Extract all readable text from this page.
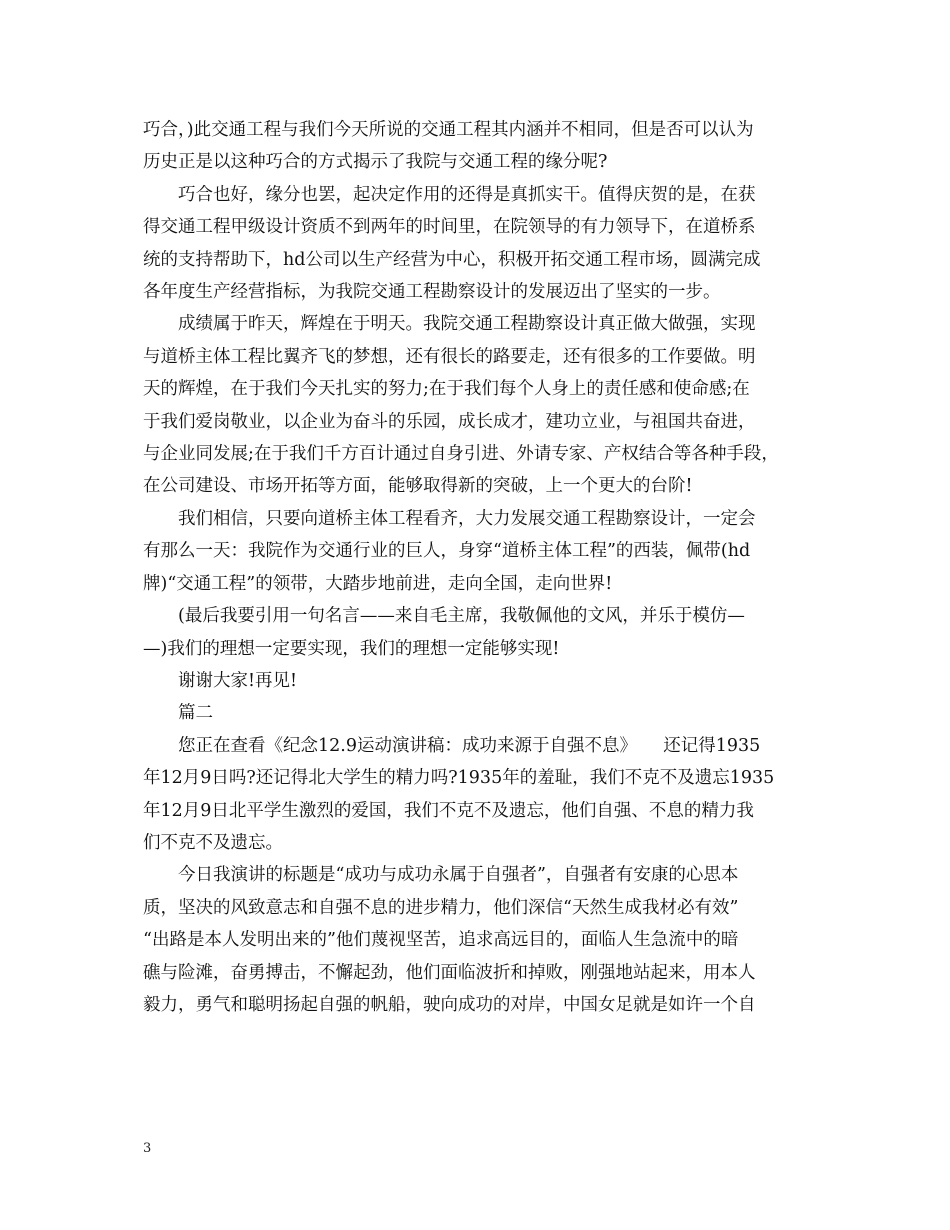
巧合，)此交通工程与我们今天所说的交通工程其内涵并不相同，但是否可以认为
历史正是以这种巧合的方式揭示了我院与交通工程的缘分呢?
巧合也好，缘分也罢，起决定作用的还得是真抓实干。值得庆贺的是，在获
得交通工程甲级设计资质不到两年的时间里，在院领导的有力领导下，在道桥系
统的支持帮助下，hd公司以生产经营为中心，积极开拓交通工程市场，圆满完成
各年度生产经营指标，为我院交通工程勘察设计的发展迈出了坚实的一步。
成绩属于昨天，辉煌在于明天。我院交通工程勘察设计真正做大做强，实现
与道桥主体工程比翼齐飞的梦想，还有很长的路要走，还有很多的工作要做。明
天的辉煌，在于我们今天扎实的努力;在于我们每个人身上的责任感和使命感;在
于我们爱岗敬业，以企业为奋斗的乐园，成长成才，建功立业，与祖国共奋进，
与企业同发展;在于我们千方百计通过自身引进、外请专家、产权结合等各种手段，
在公司建设、市场开拓等方面，能够取得新的突破，上一个更大的台阶!
我们相信，只要向道桥主体工程看齐，大力发展交通工程勘察设计，一定会
有那么一天：我院作为交通行业的巨人，身穿“道桥主体工程”的西装，佩带(hd
牌)“交通工程”的领带，大踏步地前进，走向全国，走向世界!
(最后我要引用一句名言——来自毛主席，我敬佩他的文风，并乐于模仿—
—)我们的理想一定要实现，我们的理想一定能够实现!
谢谢大家!再见!
篇二
您正在查看《纪念12.9运动演讲稿：成功来源于自强不息》　　还记得1935
年12月9日吗?还记得北大学生的精力吗?1935年的羞耻，我们不克不及遗忘1935
年12月9日北平学生激烈的爱国，我们不克不及遗忘，他们自强、不息的精力我
们不克不及遗忘。
今日我演讲的标题是“成功与成功永属于自强者”，自强者有安康的心思本
质，坚决的风致意志和自强不息的进步精力，他们深信“天然生成我材必有效”
“出路是本人发明出来的”他们蔑视坚苦，追求高远目的，面临人生急流中的暗
礁与险滩，奋勇搏击，不懈起劲，他们面临波折和掉败，刚强地站起来，用本人
毅力，勇气和聪明扬起自强的帆船，驶向成功的对岸，中国女足就是如许一个自
3
